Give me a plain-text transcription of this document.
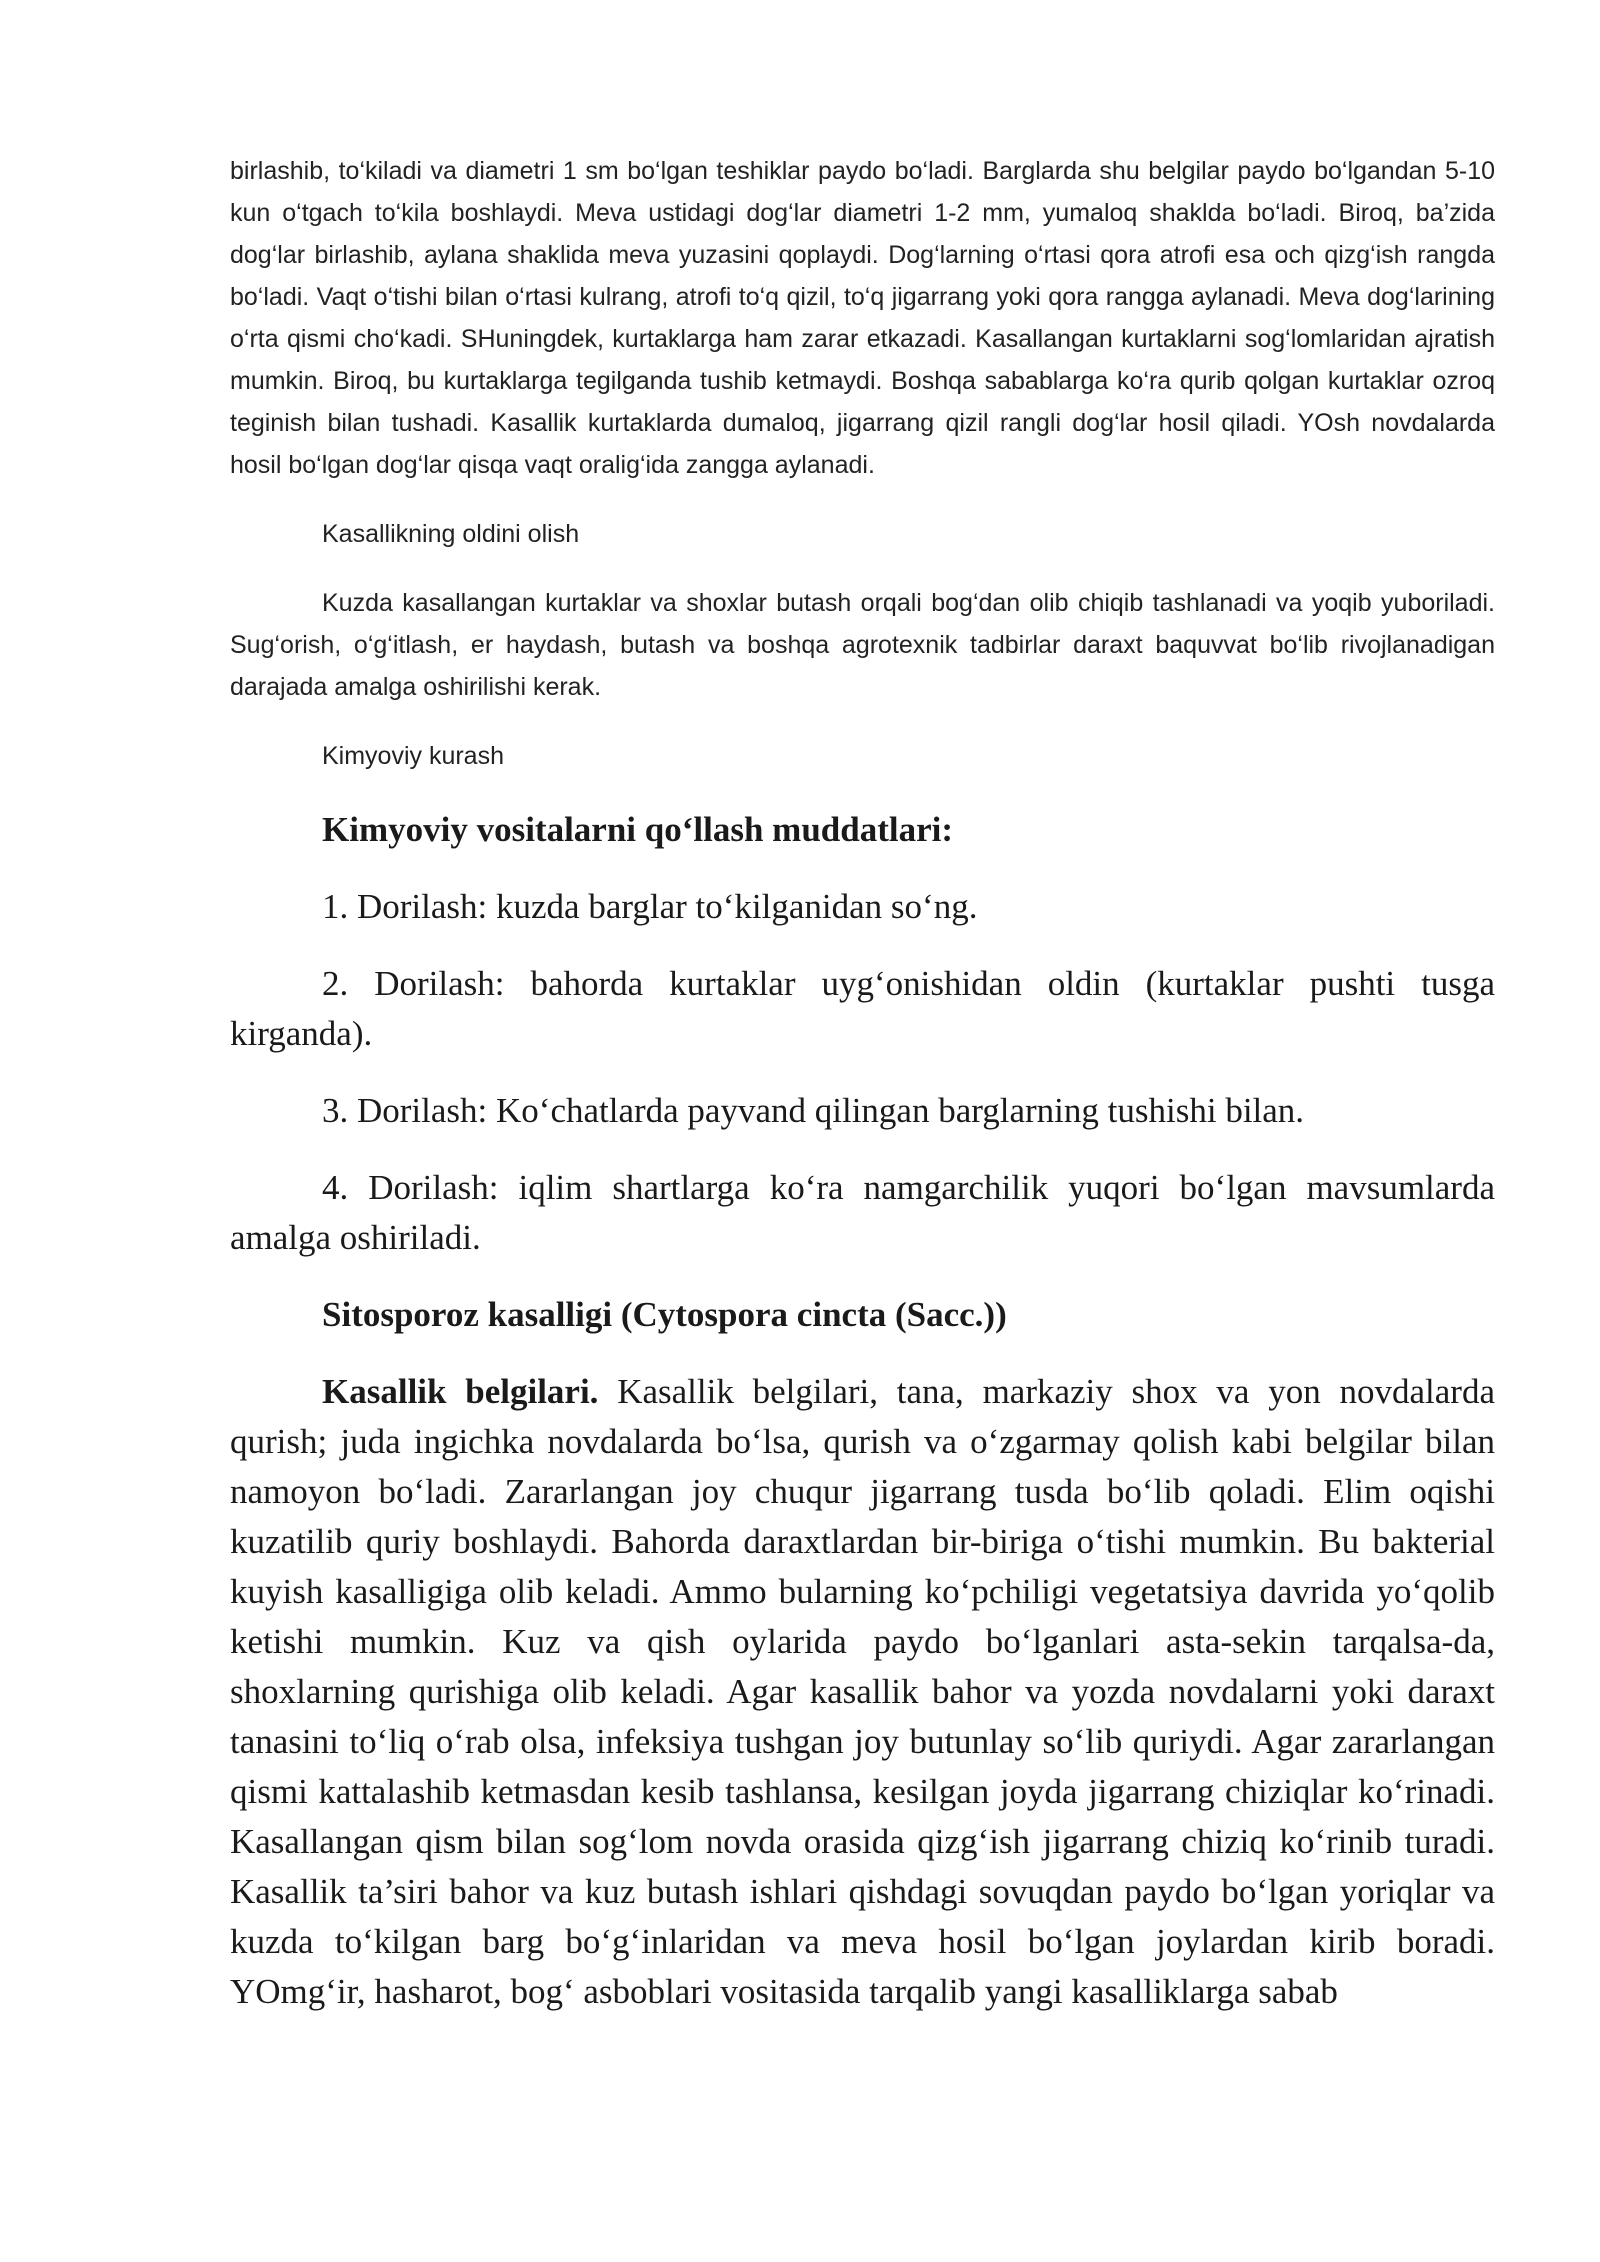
birlashib, to‘kiladi va diametri 1 sm bo‘lgan teshiklar paydo bo‘ladi. Barglarda shu belgilar paydo bo‘lgandan 5-10 kun o‘tgach to‘kila boshlaydi. Meva ustidagi dog‘lar diametri 1-2 mm, yumaloq shaklda bo‘ladi. Biroq, ba’zida dog‘lar birlashib, aylana shaklida meva yuzasini qoplaydi. Dog‘larning o‘rtasi qora atrofi esa och qizg‘ish rangda bo‘ladi. Vaqt o‘tishi bilan o‘rtasi kulrang, atrofi to‘q qizil, to‘q jigarrang yoki qora rangga aylanadi. Meva dog‘larining o‘rta qismi cho‘kadi. SHuningdek, kurtaklarga ham zarar etkazadi. Kasallangan kurtaklarni sog‘lomlaridan ajratish mumkin. Biroq, bu kurtaklarga tegilganda tushib ketmaydi. Boshqa sabablarga ko‘ra qurib qolgan kurtaklar ozroq teginish bilan tushadi. Kasallik kurtaklarda dumaloq, jigarrang qizil rangli dog‘lar hosil qiladi. YOsh novdalarda hosil bo‘lgan dog‘lar qisqa vaqt oralig‘ida zangga aylanadi.

Kasallikning oldini olish

Kuzda kasallangan kurtaklar va shoxlar butash orqali bog‘dan olib chiqib tashlanadi va yoqib yuboriladi. Sug‘orish, o‘g‘itlash, er haydash, butash va boshqa agrotexnik tadbirlar daraxt baquvvat bo‘lib rivojlanadigan darajada amalga oshirilishi kerak.

Kimyoviy kurash

Kimyoviy vositalarni qo‘llash muddatlari:

1. Dorilash: kuzda barglar to‘kilganidan so‘ng.

2. Dorilash: bahorda kurtaklar uyg‘onishidan oldin (kurtaklar pushti tusga kirganda).

3. Dorilash: Ko‘chatlarda payvand qilingan barglarning tushishi bilan.

4. Dorilash: iqlim shartlarga ko‘ra namgarchilik yuqori bo‘lgan mavsumlarda amalga oshiriladi.

Sitosporoz kasalligi (Cytospora cincta (Sacc.))

Kasallik belgilari. Kasallik belgilari, tana, markaziy shox va yon novdalarda qurish; juda ingichka novdalarda bo‘lsa, qurish va o‘zgarmay qolish kabi belgilar bilan namoyon bo‘ladi. Zararlangan joy chuqur jigarrang tusda bo‘lib qoladi. Elim oqishi kuzatilib quriy boshlaydi. Bahorda daraxtlardan bir-biriga o‘tishi mumkin. Bu bakterial kuyish kasalligiga olib keladi. Ammo bularning ko‘pchiligi vegetatsiya davrida yo‘qolib ketishi mumkin. Kuz va qish oylarida paydo bo‘lganlari asta-sekin tarqalsa-da, shoxlarning qurishiga olib keladi. Agar kasallik bahor va yozda novdalarni yoki daraxt tanasini to‘liq o‘rab olsa, infeksiya tushgan joy butunlay so‘lib quriydi. Agar zararlangan qismi kattalashib ketmasdan kesib tashlansa, kesilgan joyda jigarrang chiziqlar ko‘rinadi. Kasallangan qism bilan sog‘lom novda orasida qizg‘ish jigarrang chiziq ko‘rinib turadi. Kasallik ta’siri bahor va kuz butash ishlari qishdagi sovuqdan paydo bo‘lgan yoriqlar va kuzda to‘kilgan barg bo‘g‘inlaridan va meva hosil bo‘lgan joylardan kirib boradi. YOmg‘ir, hasharot, bog‘ asboblari vositasida tarqalib yangi kasalliklarga sabab
